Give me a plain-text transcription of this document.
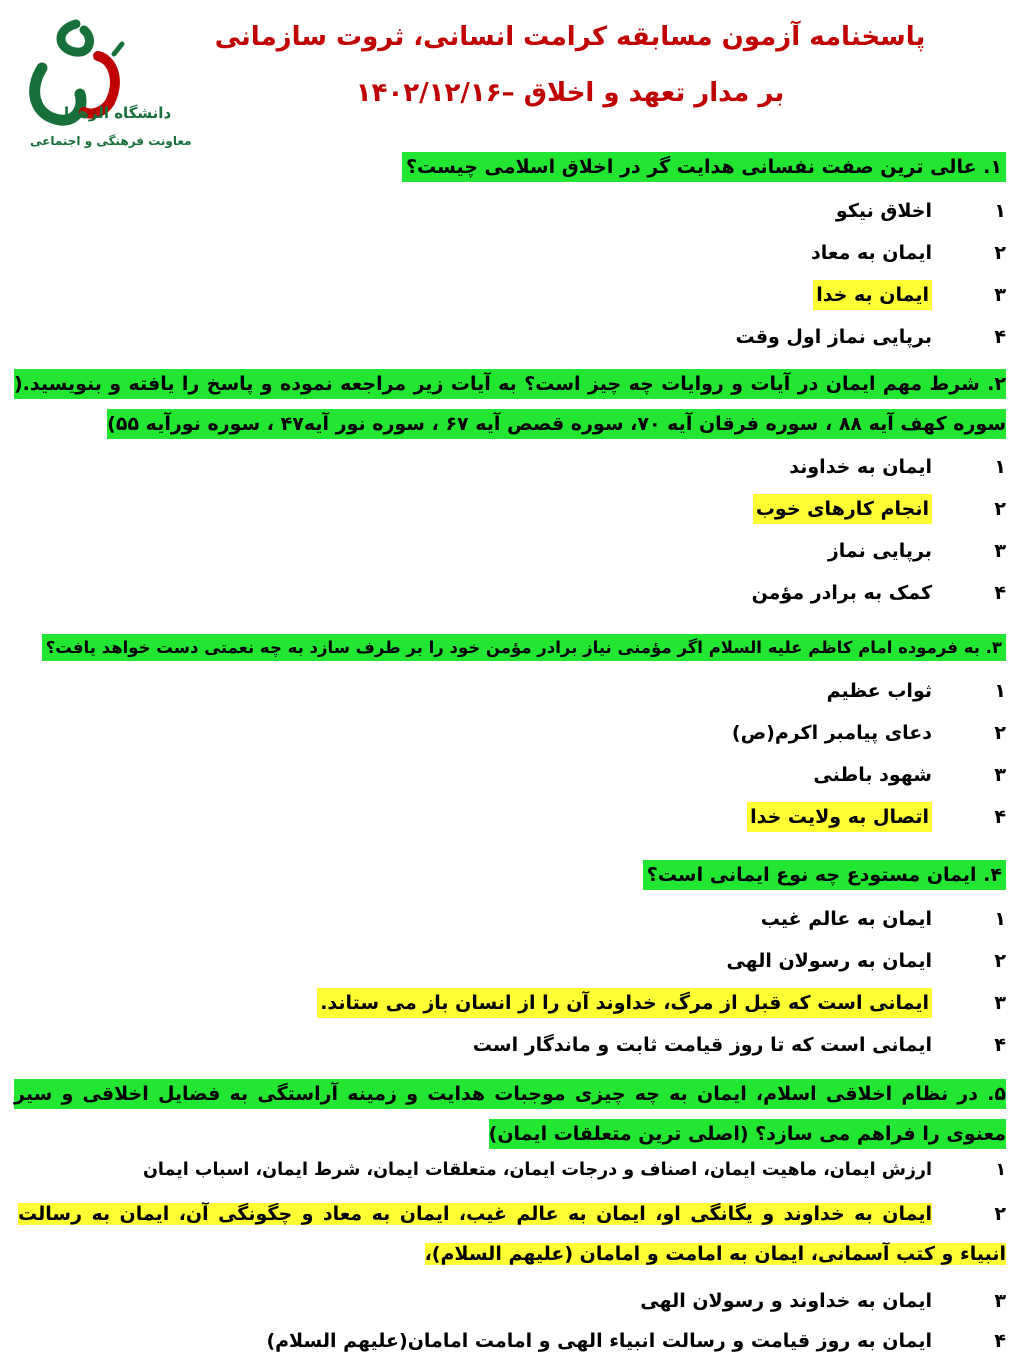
دانشگاه الزهرا
معاونت فرهنگی و اجتماعی
پاسخنامه آزمون مسابقه کرامت انسانی، ثروت سازمانی
بر مدار تعهد و اخلاق –۱۴۰۲/۱۲/۱۶
۱. عالی ترین صفت نفسانی هدایت گر در اخلاق اسلامی چیست؟
۱اخلاق نیکو
۲ایمان به معاد
۳ایمان به خدا
۴برپایی نماز اول وقت
۲. شرط مهم ایمان در آیات و روایات چه چیز است؟ به آیات زیر مراجعه نموده و پاسخ را یافته و بنویسید.( سوره کهف آیه ۸۸ ، سوره فرقان آیه ۷۰، سوره قصص آیه ۶۷ ، سوره نور آیه۴۷ ، سوره نورآیه ۵۵)
۱ایمان به خداوند
۲انجام کارهای خوب
۳برپایی نماز
۴کمک به برادر مؤمن
۳. به فرموده امام کاظم علیه السلام اگر مؤمنی نیاز برادر مؤمن خود را بر طرف سازد به چه نعمتی دست خواهد یافت؟
۱ثواب عظیم
۲دعای پیامبر اکرم(ص)
۳شهود باطنی
۴اتصال به ولایت خدا
۴. ایمان مستودع چه نوع ایمانی است؟
۱ایمان به عالم غیب
۲ایمان به رسولان الهی
۳ایمانی است که قبل از مرگ، خداوند آن را از انسان باز می ستاند.
۴ایمانی است که تا روز قیامت ثابت و ماندگار است
۵. در نظام اخلاقی اسلام، ایمان به چه چیزی موجبات هدایت و زمینه آراستگی به فضایل اخلاقی و سیر معنوی را فراهم می سازد؟ (اصلی ترین متعلقات ایمان)
۱ارزش ایمان، ماهیت ایمان، اصناف و درجات ایمان، متعلقات ایمان، شرط ایمان، اسباب ایمان
۲ایمان به خداوند و یگانگی او، ایمان به عالم غیب، ایمان به معاد و چگونگی آن، ایمان به رسالت انبیاء و کتب آسمانی، ایمان به امامت و امامان (علیهم السلام)،
۳ایمان به خداوند و رسولان الهی
۴ایمان به روز قیامت و رسالت انبیاء الهی و امامت امامان(علیهم السلام)
